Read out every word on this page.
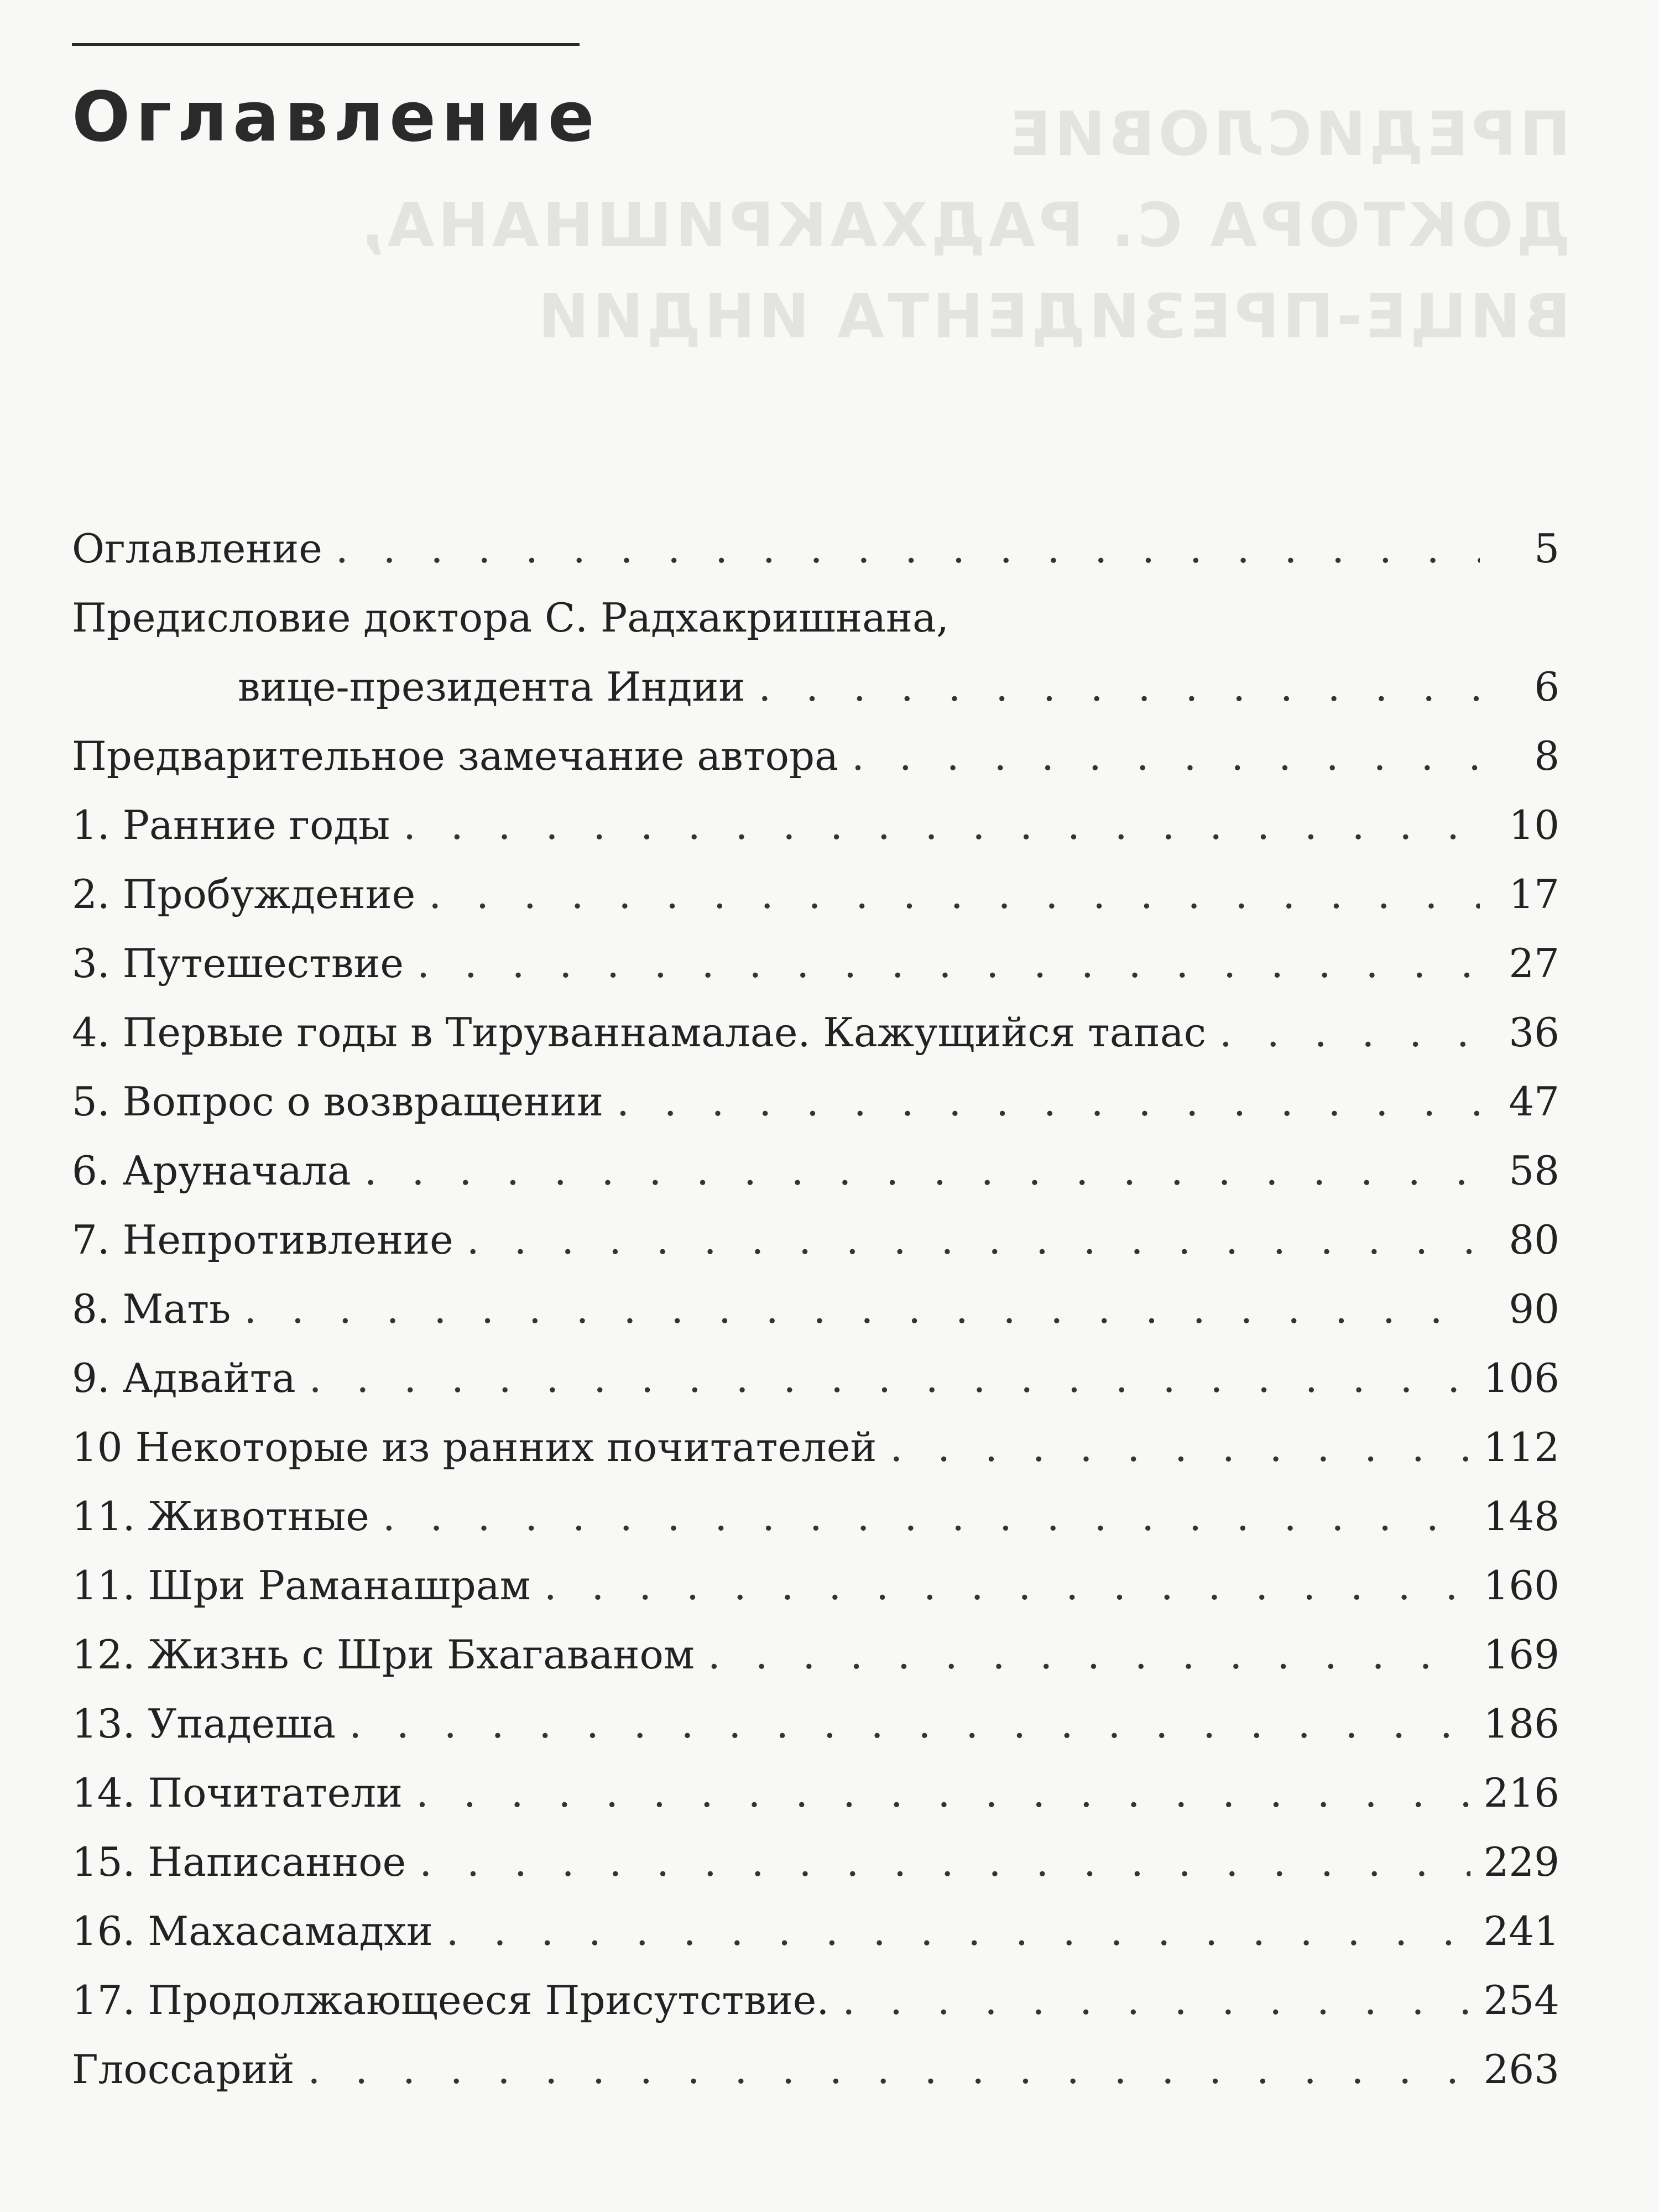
ПРЕДИСЛОВИЕ
ДОКТОРА С. РАДХАКРИШНАНА,
ВИЦЕ-ПРЕЗИДЕНТА ИНДИИ

Оглавление
Оглавление . . .	5
Предисловие доктора С. Радхакришнана,
вице-президента Индии . . .	6
Предварительное замечание автора . . .	8
1. Ранние годы . . .	10
2. Пробуждение . . .	17
3. Путешествие . . .	27
4. Первые годы в Тируваннамалае. Кажущийся тапас . . .	36
5. Вопрос о возвращении . . .	47
6. Аруначала . . .	58
7. Непротивление . . .	80
8. Мать . . .	90
9. Адвайта . . .	106
10 Некоторые из ранних почитателей . . .	112
11. Животные . . .	148
11. Шри Раманашрам . . .	160
12. Жизнь с Шри Бхагаваном . . .	169
13. Упадеша . . .	186
14. Почитатели . . .	216
15. Написанное . . .	229
16. Махасамадхи . . .	241
17. Продолжающееся Присутствие. . . .	254
Глоссарий . . .	263
